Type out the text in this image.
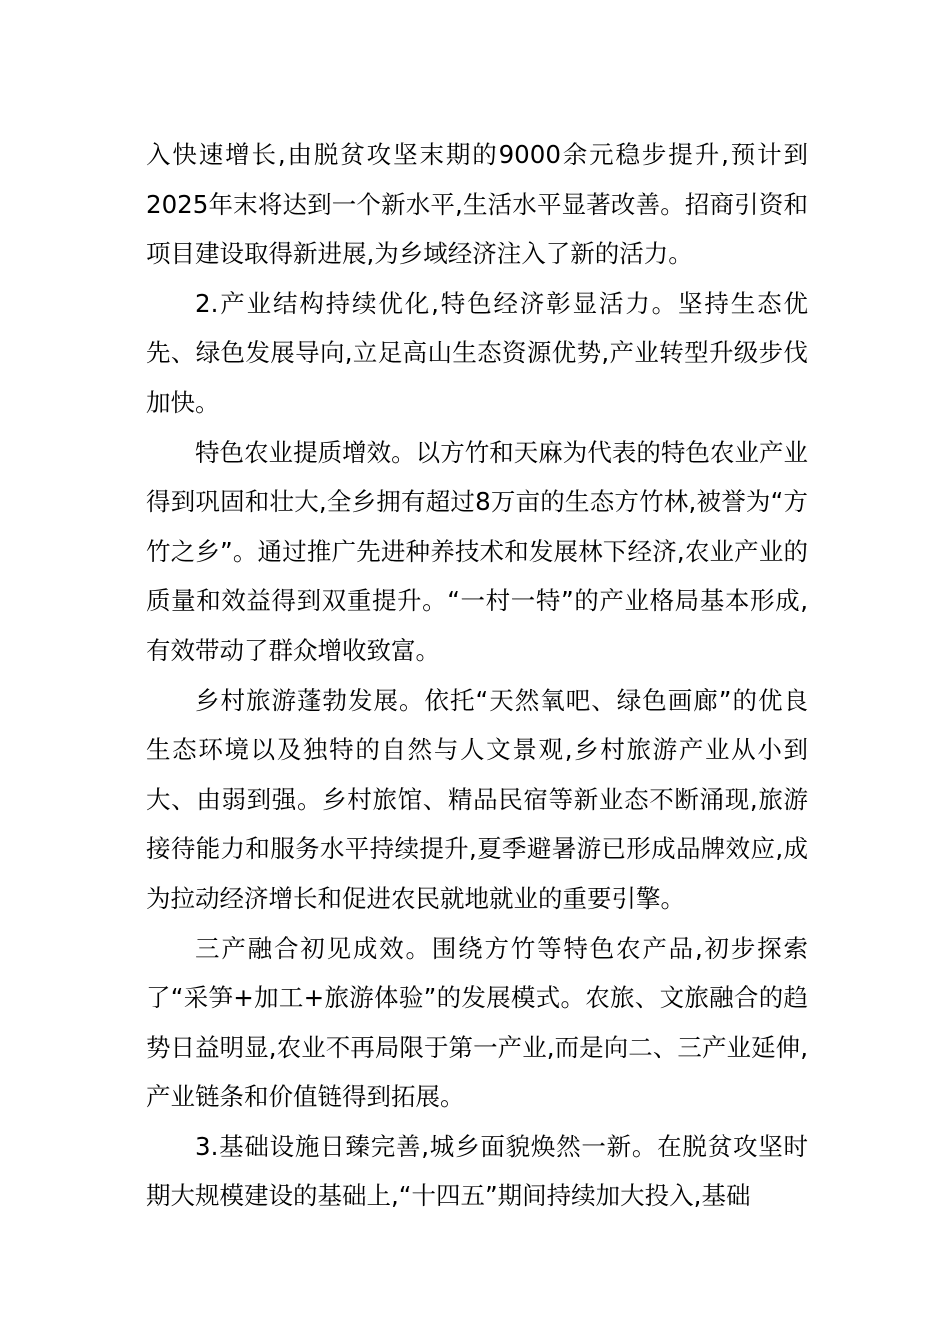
入快速增长,由脱贫攻坚末期的9000余元稳步提升,预计到2025年末将达到一个新水平,生活水平显著改善。招商引资和项目建设取得新进展,为乡域经济注入了新的活力。

2.产业结构持续优化,特色经济彰显活力。坚持生态优先、绿色发展导向,立足高山生态资源优势,产业转型升级步伐加快。

特色农业提质增效。以方竹和天麻为代表的特色农业产业得到巩固和壮大,全乡拥有超过8万亩的生态方竹林,被誉为“方竹之乡”。通过推广先进种养技术和发展林下经济,农业产业的质量和效益得到双重提升。“一村一特”的产业格局基本形成,有效带动了群众增收致富。

乡村旅游蓬勃发展。依托“天然氧吧、绿色画廊”的优良生态环境以及独特的自然与人文景观,乡村旅游产业从小到大、由弱到强。乡村旅馆、精品民宿等新业态不断涌现,旅游接待能力和服务水平持续提升,夏季避暑游已形成品牌效应,成为拉动经济增长和促进农民就地就业的重要引擎。

三产融合初见成效。围绕方竹等特色农产品,初步探索了“采笋+加工+旅游体验”的发展模式。农旅、文旅融合的趋势日益明显,农业不再局限于第一产业,而是向二、三产业延伸,产业链条和价值链得到拓展。

3.基础设施日臻完善,城乡面貌焕然一新。在脱贫攻坚时期大规模建设的基础上,“十四五”期间持续加大投入,基础
